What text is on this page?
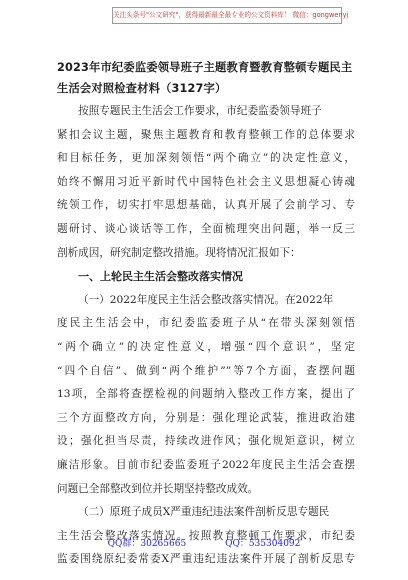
关注头条号"公文研究"，获得最新最全最专业的公文资料库！ 微信：gongwenyj
2023年市纪委监委领导班子主题教育暨教育整顿专题民主
生活会对照检查材料（3127字）
按照专题民主生活会工作要求，市纪委监委领导班子
紧扣会议主题，聚焦主题教育和教育整顿工作的总体要求
和目标任务，更加深刻领悟“两个确立”的决定性意义，
始终不懈用习近平新时代中国特色社会主义思想凝心铸魂
统领工作，切实打牢思想基础，认真开展了会前学习、专
题研讨、谈心谈话等工作，全面梳理突出问题，举一反三
剖析成因，研究制定整改措施。现将情况汇报如下：
一、上轮民主生活会整改落实情况
（一）2022年度民主生活会整改落实情况。在2022年
度民主生活会中，市纪委监委班子从“在带头深刻领悟
“两个确立”的决定性意义，增强“四个意识”，坚定
“四个自信”、做到“两个维护””等7个方面，查摆问题
13项，全部将查摆检视的问题纳入整改工作方案，提出了
三个方面整改方向，分别是：强化理论武装，推进政治建
设；强化担当尽责，持续改进作风；强化规矩意识，树立
廉洁形象。目前市纪委监委班子2022年度民主生活会查摆
问题已全部整改到位并长期坚持整改成效。
（二）原班子成员X严重违纪违法案件剖析反思专题民
主生活会整改落实情况。按照教育整顿工作要求，市纪委
监委围绕原纪委常委X严重违纪违法案件开展了剖析反思专
QQ群：30265665	QQ：535304092
